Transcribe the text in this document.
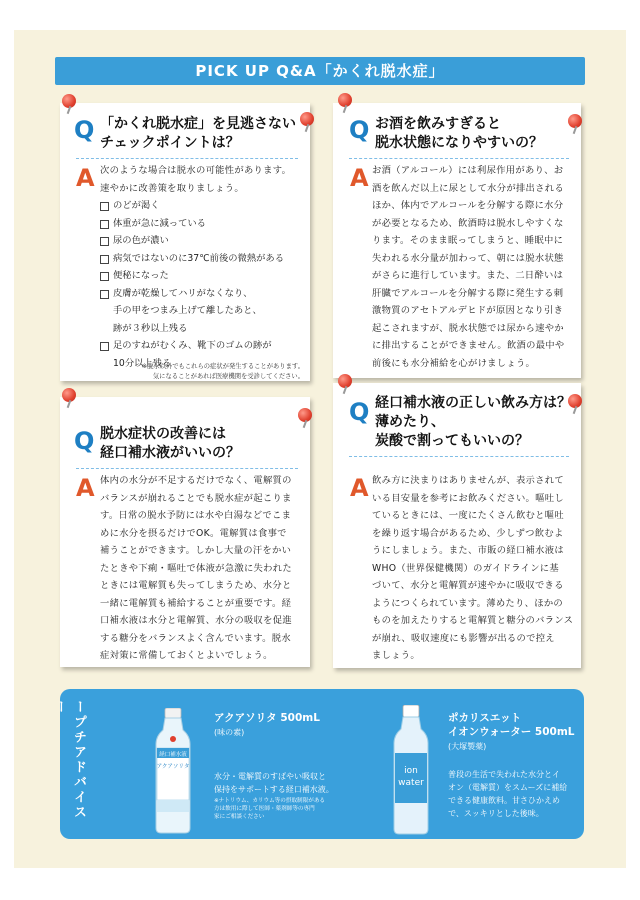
PICK UP Q&A「かくれ脱水症」
Q 「かくれ脱水症」を見逃さない
チェックポイントは？
A 次のような場合は脱水の可能性があります。
速やかに改善策を取りましょう。
のどが渇く
体重が急に減っている
尿の色が濃い
病気ではないのに37℃前後の微熱がある
便秘になった
皮膚が乾燥してハリがなくなり、
手の甲をつまみ上げて離したあと、
跡が３秒以上残る
足のすねがむくみ、靴下のゴムの跡が
10分以上残る
※脱水以外でもこれらの症状が発生することがあります。
気になることがあれば医療機関を受診してください。
Q お酒を飲みすぎると
脱水状態になりやすいの？
A お酒（アルコール）には利尿作用があり、お
酒を飲んだ以上に尿として水分が排出される
ほか、体内でアルコールを分解する際に水分
が必要となるため、飲酒時は脱水しやすくな
ります。そのまま眠ってしまうと、睡眠中に
失われる水分量が加わって、朝には脱水状態
がさらに進行しています。また、二日酔いは
肝臓でアルコールを分解する際に発生する刺
激物質のアセトアルデヒドが原因となり引き
起こされますが、脱水状態では尿から速やか
に排出することができません。飲酒の最中や
前後にも水分補給を心がけましょう。
Q 脱水症状の改善には
経口補水液がいいの？
A 体内の水分が不足するだけでなく、電解質の
バランスが崩れることでも脱水症が起こりま
す。日常の脱水予防には水や白湯などでこま
めに水分を摂るだけでOK。電解質は食事で
補うことができます。しかし大量の汗をかい
たときや下痢・嘔吐で体液が急激に失われた
ときには電解質も失ってしまうため、水分と
一緒に電解質も補給することが重要です。経
口補水液は水分と電解質、水分の吸収を促進
する糖分をバランスよく含んでいます。脱水
症対策に常備しておくとよいでしょう。
Q 経口補水液の正しい飲み方は？
薄めたり、
炭酸で割ってもいいの？
A 飲み方に決まりはありませんが、表示されて
いる目安量を参考にお飲みください。嘔吐し
ているときには、一度にたくさん飲むと嘔吐
を繰り返す場合があるため、少しずつ飲むよ
うにしましょう。また、市販の経口補水液は
WHO（世界保健機関）のガイドラインに基
づいて、水分と電解質が速やかに吸収できる
ようにつくられています。薄めたり、ほかの
ものを加えたりすると電解質と糖分のバランス
が崩れ、吸収速度にも影響が出るので控え
ましょう。
ープチアドバイスー
経口補水液
アクアソリタ
アクアソリタ 500mL
(味の素)
水分・電解質のすばやい吸収と
保持をサポートする経口補水液。
※ナトリウム、カリウム等の摂取制限がある
方は飲用に際して医師・薬剤師等の専門
家にご相談ください
ion
water
ポカリスエット
イオンウォーター 500mL
(大塚製薬)
普段の生活で失われた水分とイ
オン（電解質）をスムーズに補給
できる健康飲料。甘さひかえめ
で、スッキリとした後味。
